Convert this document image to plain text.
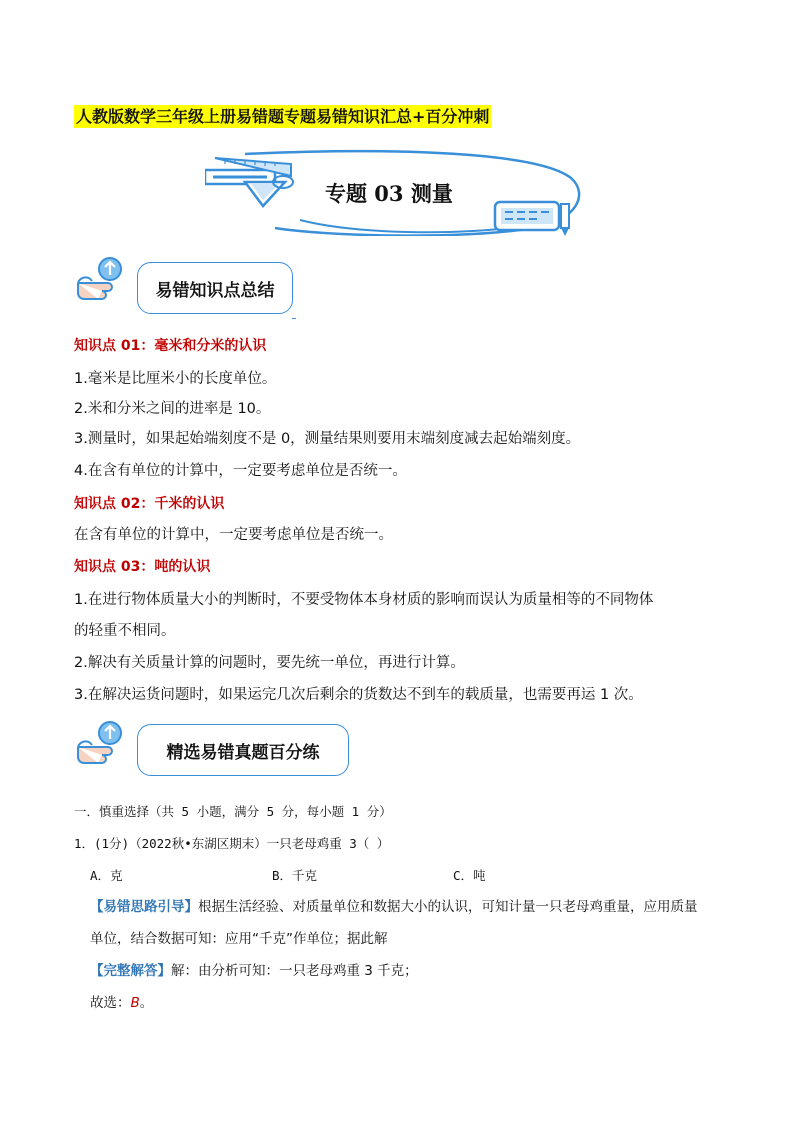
人教版数学三年级上册易错题专题易错知识汇总+百分冲刺
专题 03 测量
易错知识点总结
知识点 01：毫米和分米的认识
1.毫米是比厘米小的长度单位。
2.米和分米之间的进率是 10。
3.测量时，如果起始端刻度不是 0，测量结果则要用末端刻度减去起始端刻度。
4.在含有单位的计算中，一定要考虑单位是否统一。
知识点 02：千米的认识
在含有单位的计算中，一定要考虑单位是否统一。
知识点 03：吨的认识
1.在进行物体质量大小的判断时，不要受物体本身材质的影响而误认为质量相等的不同物体
的轻重不相同。
2.解决有关质量计算的问题时，要先统一单位，再进行计算。
3.在解决运货问题时，如果运完几次后剩余的货数达不到车的载质量，也需要再运 1 次。
精选易错真题百分练
一．慎重选择（共 5 小题，满分 5 分，每小题 1 分）
1．(1分)（2022秋•东湖区期末）一只老母鸡重 3（ ）
A．克	B．千克	C．吨
【易错思路引导】根据生活经验、对质量单位和数据大小的认识，可知计量一只老母鸡重量，应用质量
单位，结合数据可知：应用“千克”作单位；据此解
【完整解答】解：由分析可知：一只老母鸡重 3 千克；
故选：B。
